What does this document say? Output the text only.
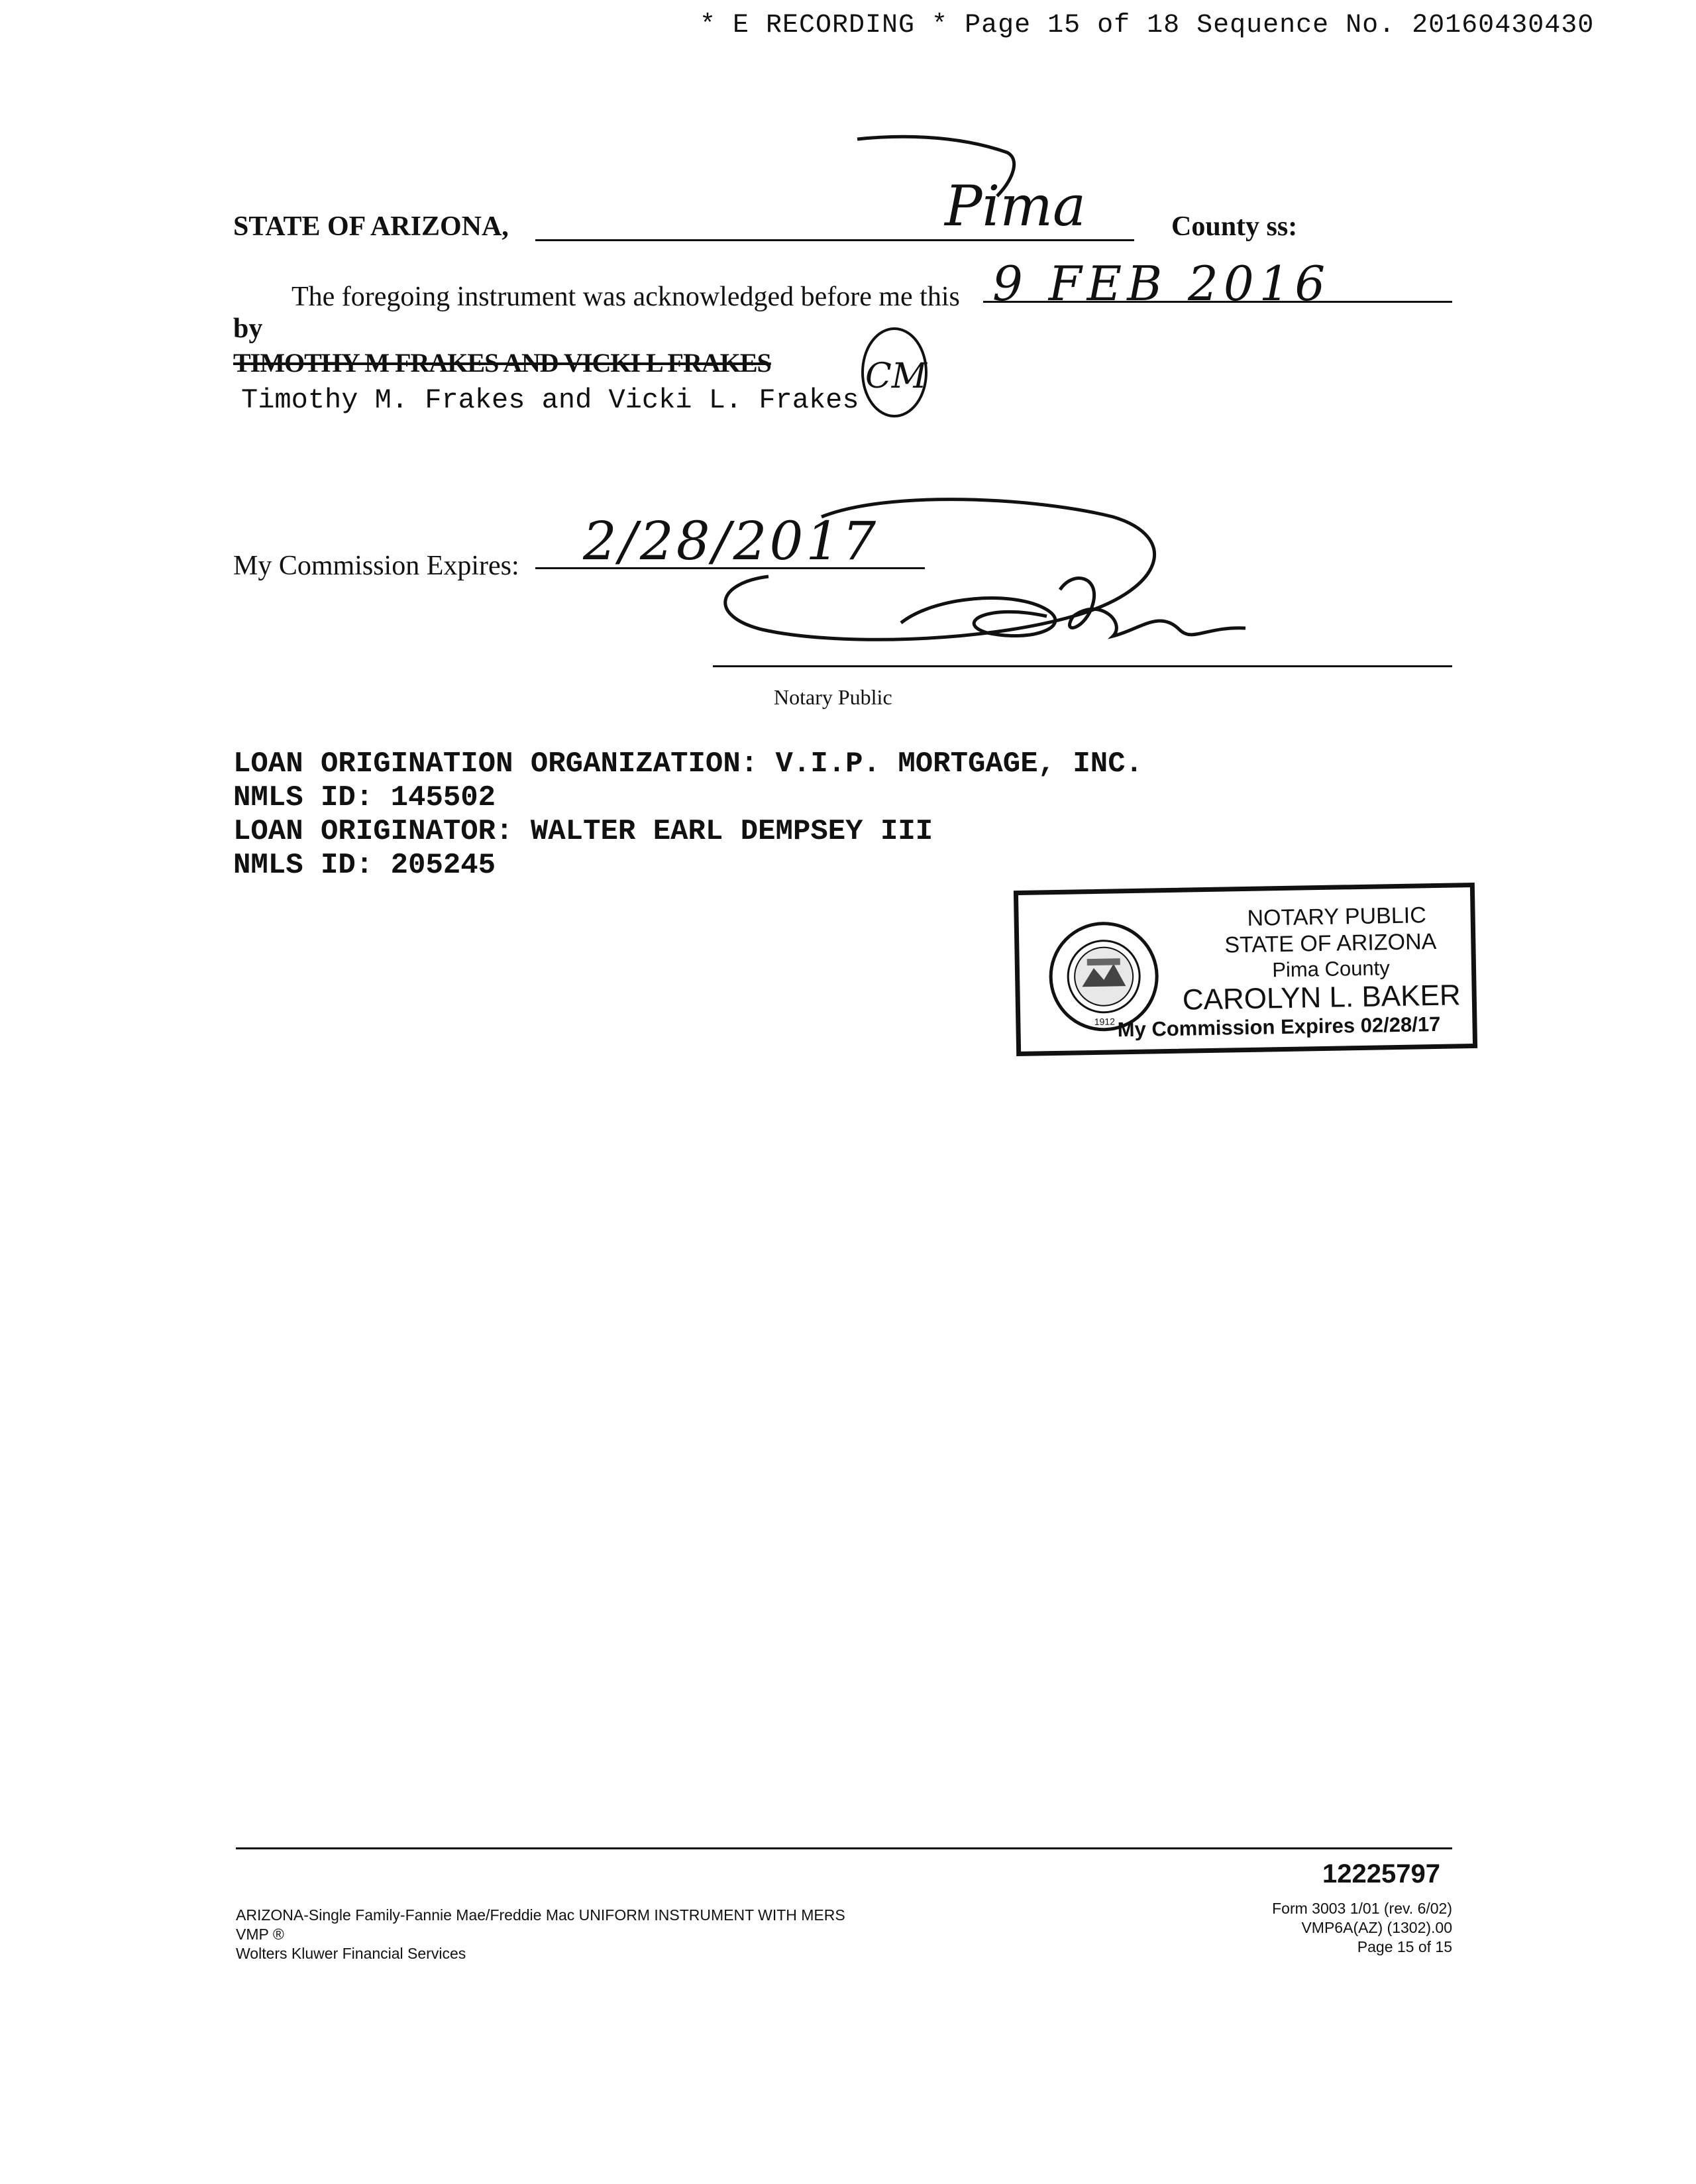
* E RECORDING * Page 15 of 18 Sequence No. 20160430430
STATE OF ARIZONA,	Pima	County ss:
The foregoing instrument was acknowledged before me this 9 FEB 2016
by
TIMOTHY M FRAKES AND VICKI L FRAKES
Timothy M. Frakes and Vicki L. Frakes
CM
My Commission Expires: 2/28/2017
Notary Public
LOAN ORIGINATION ORGANIZATION: V.I.P. MORTGAGE, INC.
NMLS ID: 145502
LOAN ORIGINATOR: WALTER EARL DEMPSEY III
NMLS ID: 205245
1912
NOTARY PUBLIC
STATE OF ARIZONA
Pima County
CAROLYN L. BAKER
My Commission Expires 02/28/17
12225797
ARIZONA-Single Family-Fannie Mae/Freddie Mac UNIFORM INSTRUMENT WITH MERS
VMP ®
Wolters Kluwer Financial Services
Form 3003 1/01 (rev. 6/02)
VMP6A(AZ) (1302).00
Page 15 of 15
